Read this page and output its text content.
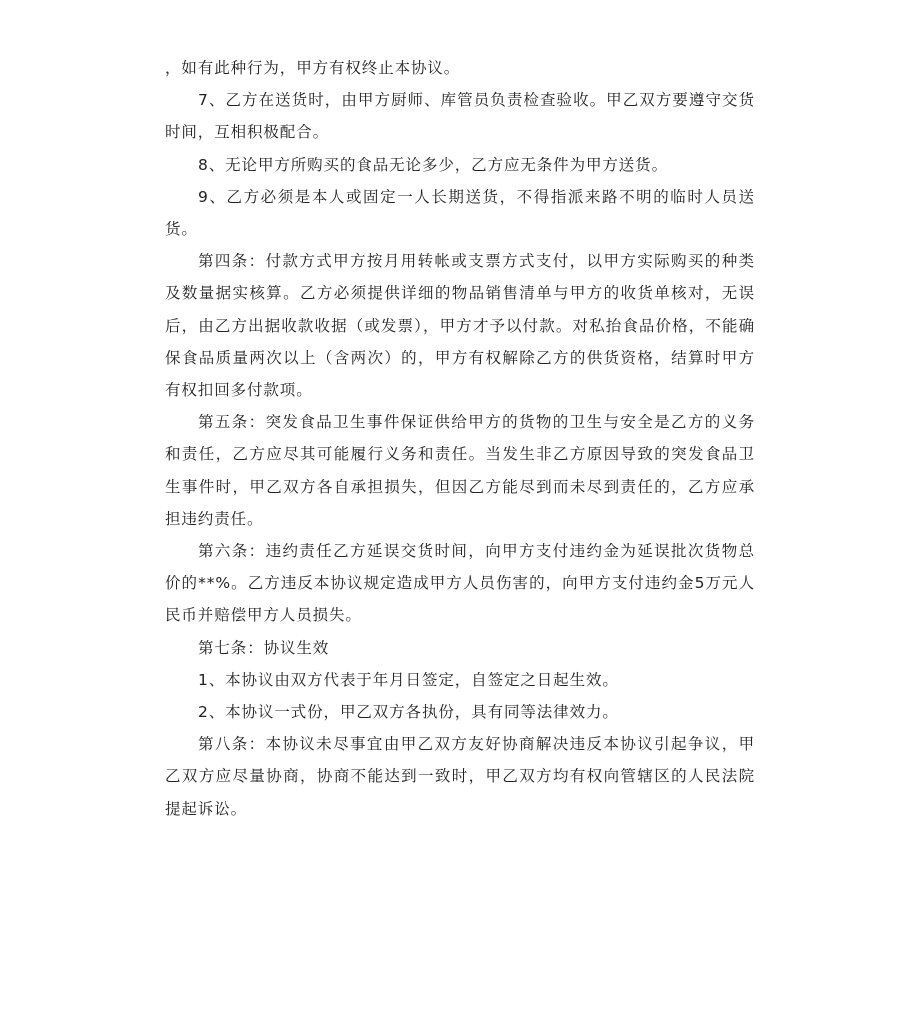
，如有此种行为，甲方有权终止本协议。

7、乙方在送货时，由甲方厨师、库管员负责检查验收。甲乙双方要遵守交货时间，互相积极配合。

8、无论甲方所购买的食品无论多少，乙方应无条件为甲方送货。

9、乙方必须是本人或固定一人长期送货，不得指派来路不明的临时人员送货。

第四条：付款方式甲方按月用转帐或支票方式支付，以甲方实际购买的种类及数量据实核算。乙方必须提供详细的物品销售清单与甲方的收货单核对，无误后，由乙方出据收款收据（或发票），甲方才予以付款。对私抬食品价格，不能确保食品质量两次以上（含两次）的，甲方有权解除乙方的供货资格，结算时甲方有权扣回多付款项。

第五条：突发食品卫生事件保证供给甲方的货物的卫生与安全是乙方的义务和责任，乙方应尽其可能履行义务和责任。当发生非乙方原因导致的突发食品卫生事件时，甲乙双方各自承担损失，但因乙方能尽到而未尽到责任的，乙方应承担违约责任。

第六条：违约责任乙方延误交货时间，向甲方支付违约金为延误批次货物总价的**%。乙方违反本协议规定造成甲方人员伤害的，向甲方支付违约金5万元人民币并赔偿甲方人员损失。

第七条：协议生效

1、本协议由双方代表于年月日签定，自签定之日起生效。

2、本协议一式份，甲乙双方各执份，具有同等法律效力。

第八条：本协议未尽事宜由甲乙双方友好协商解决违反本协议引起争议，甲乙双方应尽量协商，协商不能达到一致时，甲乙双方均有权向管辖区的人民法院提起诉讼。
